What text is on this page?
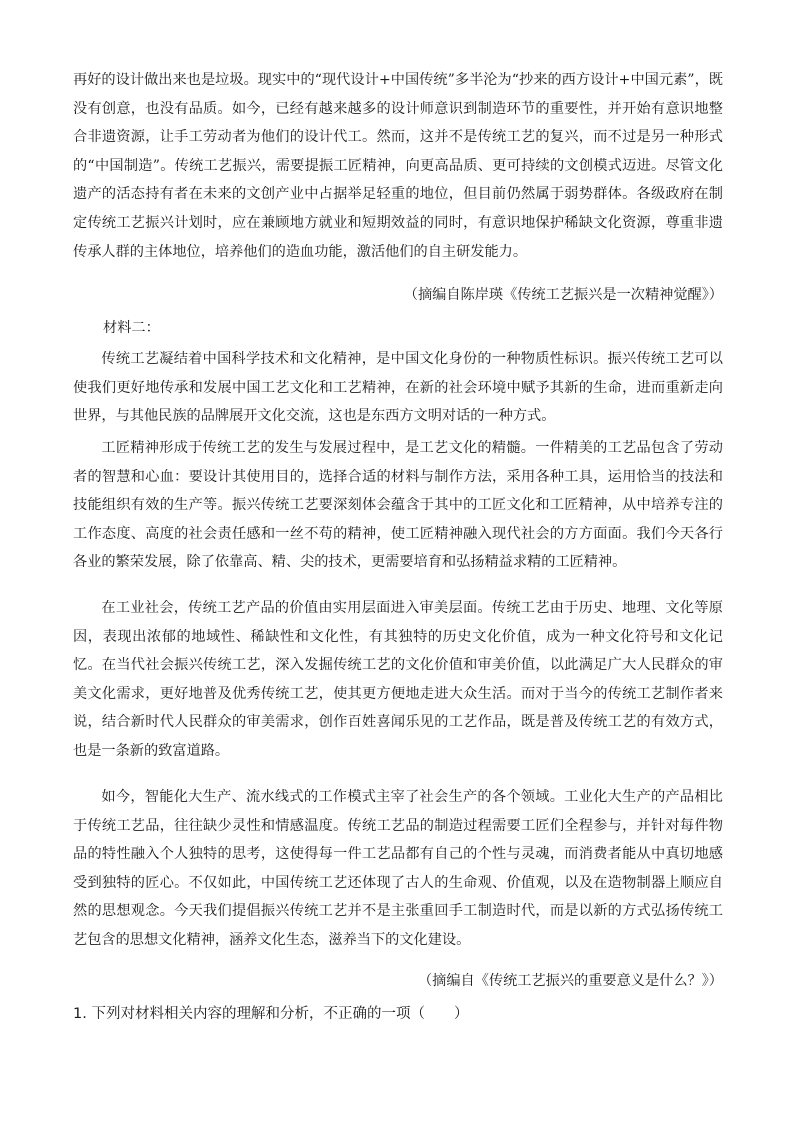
再好的设计做出来也是垃圾。现实中的“现代设计+中国传统”多半沦为“抄来的西方设计+中国元素”，既没有创意，也没有品质。如今，已经有越来越多的设计师意识到制造环节的重要性，并开始有意识地整合非遗资源，让手工劳动者为他们的设计代工。然而，这并不是传统工艺的复兴，而不过是另一种形式的“中国制造”。传统工艺振兴，需要提振工匠精神，向更高品质、更可持续的文创模式迈进。尽管文化遗产的活态持有者在未来的文创产业中占据举足轻重的地位，但目前仍然属于弱势群体。各级政府在制定传统工艺振兴计划时，应在兼顾地方就业和短期效益的同时，有意识地保护稀缺文化资源，尊重非遗传承人群的主体地位，培养他们的造血功能，激活他们的自主研发能力。

（摘编自陈岸瑛《传统工艺振兴是一次精神觉醒》）

材料二：

传统工艺凝结着中国科学技术和文化精神，是中国文化身份的一种物质性标识。振兴传统工艺可以使我们更好地传承和发展中国工艺文化和工艺精神，在新的社会环境中赋予其新的生命，进而重新走向世界，与其他民族的品牌展开文化交流，这也是东西方文明对话的一种方式。

工匠精神形成于传统工艺的发生与发展过程中，是工艺文化的精髓。一件精美的工艺品包含了劳动者的智慧和心血：要设计其使用目的，选择合适的材料与制作方法，采用各种工具，运用恰当的技法和技能组织有效的生产等。振兴传统工艺要深刻体会蕴含于其中的工匠文化和工匠精神，从中培养专注的工作态度、高度的社会责任感和一丝不苟的精神，使工匠精神融入现代社会的方方面面。我们今天各行各业的繁荣发展，除了依靠高、精、尖的技术，更需要培育和弘扬精益求精的工匠精神。

在工业社会，传统工艺产品的价值由实用层面进入审美层面。传统工艺由于历史、地理、文化等原因，表现出浓郁的地域性、稀缺性和文化性，有其独特的历史文化价值，成为一种文化符号和文化记忆。在当代社会振兴传统工艺，深入发掘传统工艺的文化价值和审美价值，以此满足广大人民群众的审美文化需求，更好地普及优秀传统工艺，使其更方便地走进大众生活。而对于当今的传统工艺制作者来说，结合新时代人民群众的审美需求，创作百姓喜闻乐见的工艺作品，既是普及传统工艺的有效方式，也是一条新的致富道路。

如今，智能化大生产、流水线式的工作模式主宰了社会生产的各个领域。工业化大生产的产品相比于传统工艺品，往往缺少灵性和情感温度。传统工艺品的制造过程需要工匠们全程参与，并针对每件物品的特性融入个人独特的思考，这使得每一件工艺品都有自己的个性与灵魂，而消费者能从中真切地感受到独特的匠心。不仅如此，中国传统工艺还体现了古人的生命观、价值观，以及在造物制器上顺应自然的思想观念。今天我们提倡振兴传统工艺并不是主张重回手工制造时代，而是以新的方式弘扬传统工艺包含的思想文化精神，涵养文化生态，滋养当下的文化建设。

（摘编自《传统工艺振兴的重要意义是什么？》）

1. 下列对材料相关内容的理解和分析，不正确的一项（　　）
